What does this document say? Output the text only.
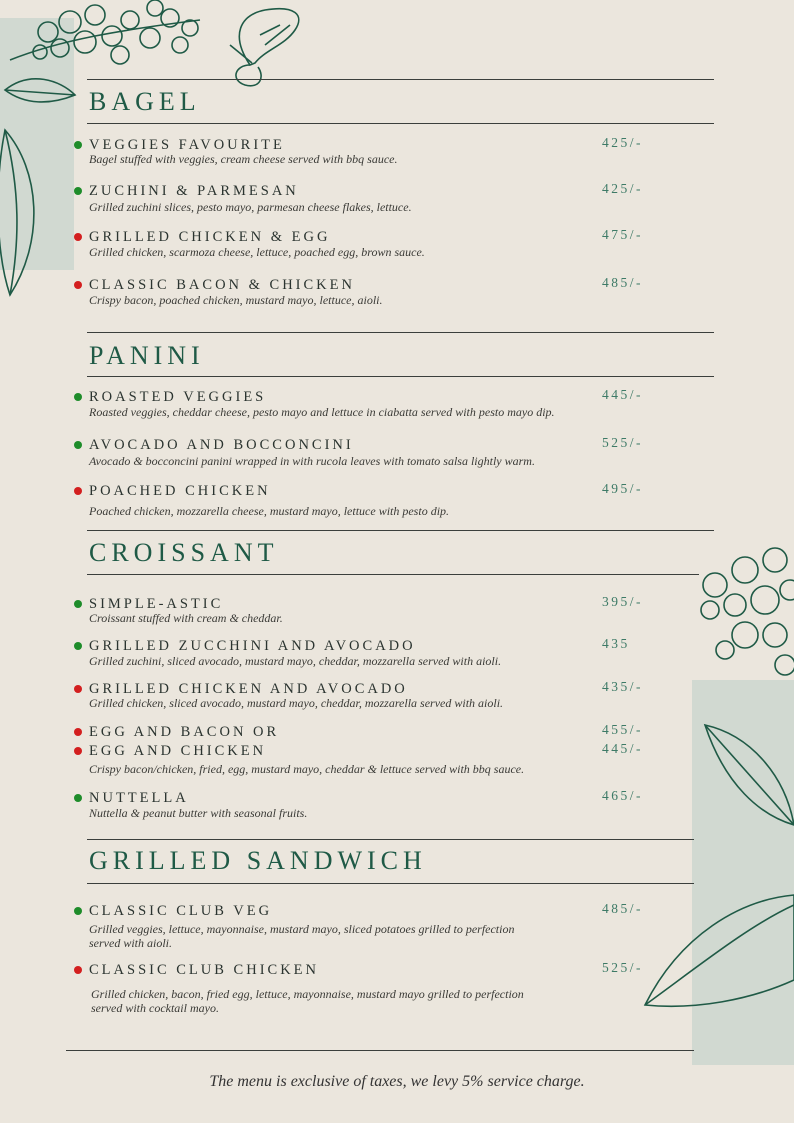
BAGEL
VEGGIES FAVOURITE	425/-
Bagel stuffed with veggies, cream cheese served with bbq sauce.
ZUCHINI & PARMESAN	425/-
Grilled zuchini slices, pesto mayo, parmesan cheese flakes, lettuce.
GRILLED CHICKEN & EGG	475/-
Grilled chicken, scarmoza cheese, lettuce, poached egg, brown sauce.
CLASSIC BACON & CHICKEN	485/-
Crispy bacon, poached chicken, mustard mayo, lettuce, aioli.
PANINI
ROASTED VEGGIES	445/-
Roasted veggies, cheddar cheese, pesto mayo and lettuce in ciabatta served with pesto mayo dip.
AVOCADO AND BOCCONCINI	525/-
Avocado & bocconcini panini wrapped in with rucola leaves with tomato salsa lightly warm.
POACHED CHICKEN	495/-
Poached chicken, mozzarella cheese, mustard mayo, lettuce with pesto dip.
CROISSANT
SIMPLE-ASTIC	395/-
Croissant stuffed with cream & cheddar.
GRILLED ZUCCHINI AND AVOCADO	435
Grilled zuchini, sliced avocado, mustard mayo, cheddar, mozzarella served with aioli.
GRILLED CHICKEN AND AVOCADO	435/-
Grilled chicken, sliced avocado, mustard mayo, cheddar, mozzarella served with aioli.
EGG AND BACON OR	455/-
EGG AND CHICKEN	445/-
Crispy bacon/chicken, fried, egg, mustard mayo, cheddar & lettuce served with bbq sauce.
NUTTELLA	465/-
Nuttella & peanut butter with seasonal fruits.
GRILLED SANDWICH
CLASSIC CLUB VEG	485/-
Grilled veggies, lettuce, mayonnaise, mustard mayo, sliced potatoes grilled to perfection
served with aioli.
CLASSIC CLUB CHICKEN	525/-
Grilled chicken, bacon, fried egg, lettuce, mayonnaise, mustard mayo grilled to perfection
served with cocktail mayo.
The menu is exclusive of taxes, we levy 5% service charge.
